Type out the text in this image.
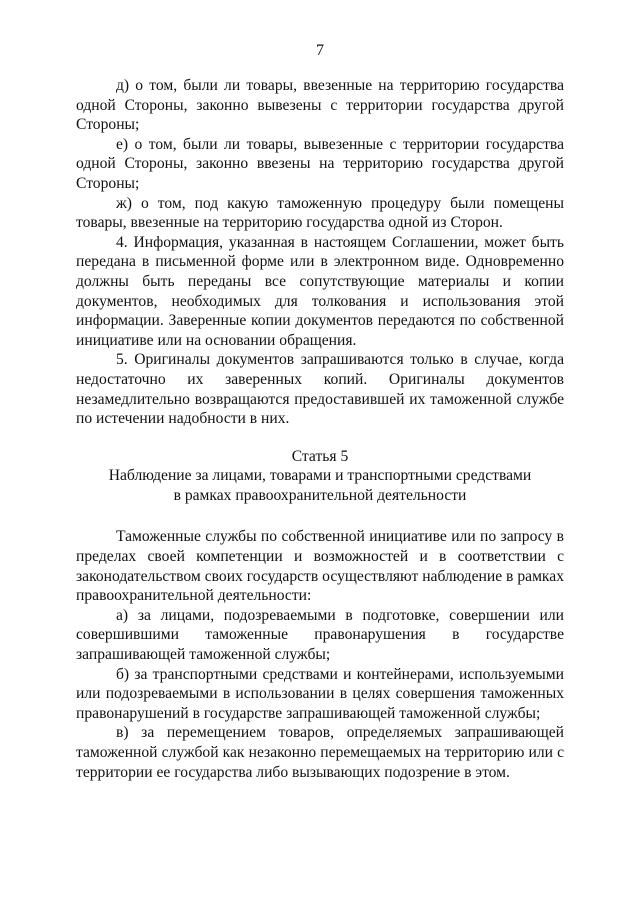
7

д) о том, были ли товары, ввезенные на территорию государства одной Стороны, законно вывезены с территории государства другой Стороны;

е) о том, были ли товары, вывезенные с территории государства одной Стороны, законно ввезены на территорию государства другой Стороны;

ж) о том, под какую таможенную процедуру были помещены товары, ввезенные на территорию государства одной из Сторон.

4. Информация, указанная в настоящем Соглашении, может быть передана в письменной форме или в электронном виде. Одновременно должны быть переданы все сопутствующие материалы и копии документов, необходимых для толкования и использования этой информации. Заверенные копии документов передаются по собственной инициативе или на основании обращения.

5. Оригиналы документов запрашиваются только в случае, когда недостаточно их заверенных копий. Оригиналы документов незамедлительно возвращаются предоставившей их таможенной службе по истечении надобности в них.

Статья 5

Наблюдение за лицами, товарами и транспортными средствами

в рамках правоохранительной деятельности

Таможенные службы по собственной инициативе или по запросу в пределах своей компетенции и возможностей и в соответствии с законодательством своих государств осуществляют наблюдение в рамках правоохранительной деятельности:

а) за лицами, подозреваемыми в подготовке, совершении или совершившими таможенные правонарушения в государстве запрашивающей таможенной службы;

б) за транспортными средствами и контейнерами, используемыми или подозреваемыми в использовании в целях совершения таможенных правонарушений в государстве запрашивающей таможенной службы;

в) за перемещением товаров, определяемых запрашивающей таможенной службой как незаконно перемещаемых на территорию или с территории ее государства либо вызывающих подозрение в этом.
